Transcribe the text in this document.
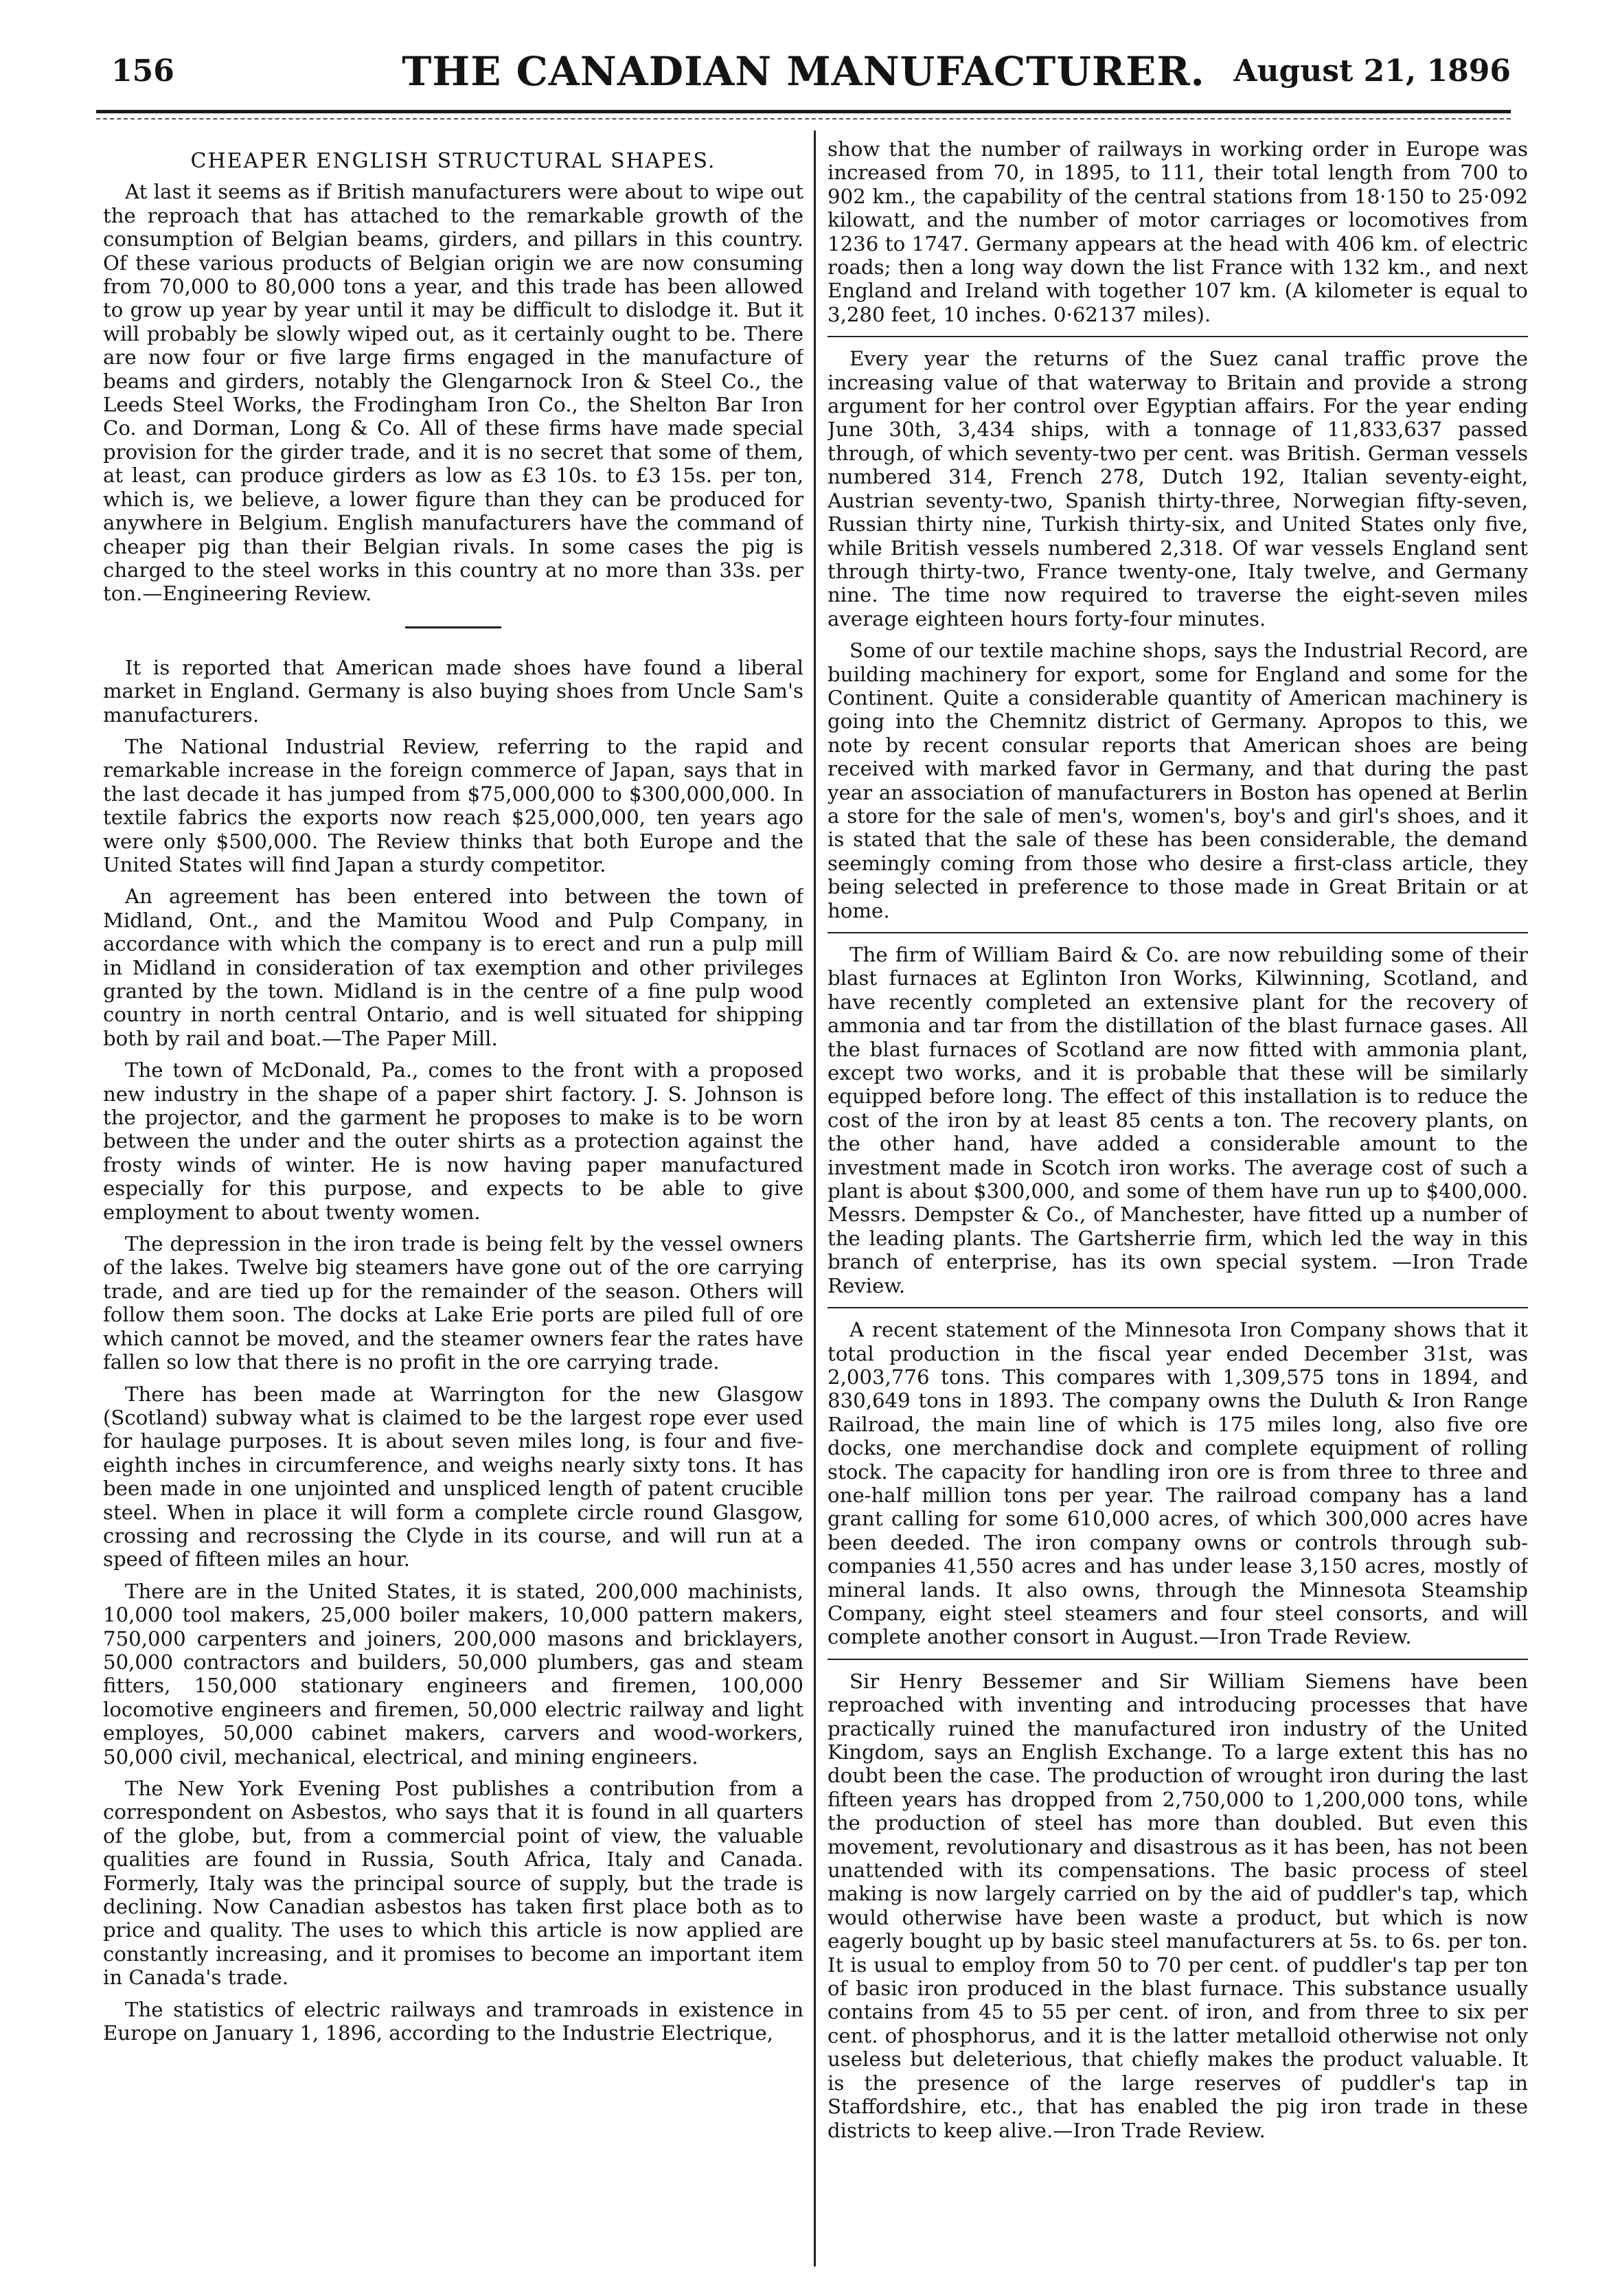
156	THE CANADIAN MANUFACTURER. August 21, 1896
CHEAPER ENGLISH STRUCTURAL SHAPES.

At last it seems as if British manufacturers were about to wipe out the reproach that has attached to the remarkable growth of the consumption of Belgian beams, girders, and pillars in this country. Of these various products of Belgian origin we are now consuming from 70,000 to 80,000 tons a year, and this trade has been allowed to grow up year by year until it may be difficult to dislodge it. But it will probably be slowly wiped out, as it certainly ought to be. There are now four or five large firms engaged in the manufacture of beams and girders, notably the Glengarnock Iron & Steel Co., the Leeds Steel Works, the Frodingham Iron Co., the Shelton Bar Iron Co. and Dorman, Long & Co. All of these firms have made special provision for the girder trade, and it is no secret that some of them, at least, can produce girders as low as £3 10s. to £3 15s. per ton, which is, we believe, a lower figure than they can be produced for anywhere in Belgium. English manufacturers have the command of cheaper pig than their Belgian rivals. In some cases the pig is charged to the steel works in this country at no more than 33s. per ton.—Engineering Review.

It is reported that American made shoes have found a liberal market in England. Germany is also buying shoes from Uncle Sam's manufacturers.

The National Industrial Review, referring to the rapid and remarkable increase in the foreign commerce of Japan, says that in the last decade it has jumped from $75,000,000 to $300,000,000. In textile fabrics the exports now reach $25,000,000, ten years ago were only $500,000. The Review thinks that both Europe and the United States will find Japan a sturdy competitor.

An agreement has been entered into between the town of Midland, Ont., and the Mamitou Wood and Pulp Company, in accordance with which the company is to erect and run a pulp mill in Midland in consideration of tax exemption and other privileges granted by the town. Midland is in the centre of a fine pulp wood country in north central Ontario, and is well situated for shipping both by rail and boat.—The Paper Mill.

The town of McDonald, Pa., comes to the front with a proposed new industry in the shape of a paper shirt factory. J. S. Johnson is the projector, and the garment he proposes to make is to be worn between the under and the outer shirts as a protection against the frosty winds of winter. He is now having paper manufactured especially for this purpose, and expects to be able to give employment to about twenty women.

The depression in the iron trade is being felt by the vessel owners of the lakes. Twelve big steamers have gone out of the ore carrying trade, and are tied up for the remainder of the season. Others will follow them soon. The docks at Lake Erie ports are piled full of ore which cannot be moved, and the steamer owners fear the rates have fallen so low that there is no profit in the ore carrying trade.

There has been made at Warrington for the new Glasgow (Scotland) subway what is claimed to be the largest rope ever used for haulage purposes. It is about seven miles long, is four and five-eighth inches in circumference, and weighs nearly sixty tons. It has been made in one unjointed and unspliced length of patent crucible steel. When in place it will form a complete circle round Glasgow, crossing and recrossing the Clyde in its course, and will run at a speed of fifteen miles an hour.

There are in the United States, it is stated, 200,000 machinists, 10,000 tool makers, 25,000 boiler makers, 10,000 pattern makers, 750,000 carpenters and joiners, 200,000 masons and bricklayers, 50,000 contractors and builders, 50,000 plumbers, gas and steam fitters, 150,000 stationary engineers and firemen, 100,000 locomotive engineers and firemen, 50,000 electric railway and light employes, 50,000 cabinet makers, carvers and wood-workers, 50,000 civil, mechanical, electrical, and mining engineers.

The New York Evening Post publishes a contribution from a correspondent on Asbestos, who says that it is found in all quarters of the globe, but, from a commercial point of view, the valuable qualities are found in Russia, South Africa, Italy and Canada. Formerly, Italy was the principal source of supply, but the trade is declining. Now Canadian asbestos has taken first place both as to price and quality. The uses to which this article is now applied are constantly increasing, and it promises to become an important item in Canada's trade.

The statistics of electric railways and tramroads in existence in Europe on January 1, 1896, according to the Industrie Electrique,

show that the number of railways in working order in Europe was increased from 70, in 1895, to 111, their total length from 700 to 902 km., the capability of the central stations from 18·150 to 25·092 kilowatt, and the number of motor carriages or locomotives from 1236 to 1747. Germany appears at the head with 406 km. of electric roads; then a long way down the list France with 132 km., and next England and Ireland with together 107 km. (A kilometer is equal to 3,280 feet, 10 inches. 0·62137 miles).

Every year the returns of the Suez canal traffic prove the increasing value of that waterway to Britain and provide a strong argument for her control over Egyptian affairs. For the year ending June 30th, 3,434 ships, with a tonnage of 11,833,637 passed through, of which seventy-two per cent. was British. German vessels numbered 314, French 278, Dutch 192, Italian seventy-eight, Austrian seventy-two, Spanish thirty-three, Norwegian fifty-seven, Russian thirty nine, Turkish thirty-six, and United States only five, while British vessels numbered 2,318. Of war vessels England sent through thirty-two, France twenty-one, Italy twelve, and Germany nine. The time now required to traverse the eight-seven miles average eighteen hours forty-four minutes.

Some of our textile machine shops, says the Industrial Record, are building machinery for export, some for England and some for the Continent. Quite a considerable quantity of American machinery is going into the Chemnitz district of Germany. Apropos to this, we note by recent consular reports that American shoes are being received with marked favor in Germany, and that during the past year an association of manufacturers in Boston has opened at Berlin a store for the sale of men's, women's, boy's and girl's shoes, and it is stated that the sale of these has been considerable, the demand seemingly coming from those who desire a first-class article, they being selected in preference to those made in Great Britain or at home.

The firm of William Baird & Co. are now rebuilding some of their blast furnaces at Eglinton Iron Works, Kilwinning, Scotland, and have recently completed an extensive plant for the recovery of ammonia and tar from the distillation of the blast furnace gases. All the blast furnaces of Scotland are now fitted with ammonia plant, except two works, and it is probable that these will be similarly equipped before long. The effect of this installation is to reduce the cost of the iron by at least 85 cents a ton. The recovery plants, on the other hand, have added a considerable amount to the investment made in Scotch iron works. The average cost of such a plant is about $300,000, and some of them have run up to $400,000. Messrs. Dempster & Co., of Manchester, have fitted up a number of the leading plants. The Gartsherrie firm, which led the way in this branch of enterprise, has its own special system. —Iron Trade Review.

A recent statement of the Minnesota Iron Company shows that it total production in the fiscal year ended December 31st, was 2,003,776 tons. This compares with 1,309,575 tons in 1894, and 830,649 tons in 1893. The company owns the Duluth & Iron Range Railroad, the main line of which is 175 miles long, also five ore docks, one merchandise dock and complete equipment of rolling stock. The capacity for handling iron ore is from three to three and one-half million tons per year. The railroad company has a land grant calling for some 610,000 acres, of which 300,000 acres have been deeded. The iron company owns or controls through sub-companies 41,550 acres and has under lease 3,150 acres, mostly of mineral lands. It also owns, through the Minnesota Steamship Company, eight steel steamers and four steel consorts, and will complete another consort in August.—Iron Trade Review.

Sir Henry Bessemer and Sir William Siemens have been reproached with inventing and introducing processes that have practically ruined the manufactured iron industry of the United Kingdom, says an English Exchange. To a large extent this has no doubt been the case. The production of wrought iron during the last fifteen years has dropped from 2,750,000 to 1,200,000 tons, while the production of steel has more than doubled. But even this movement, revolutionary and disastrous as it has been, has not been unattended with its compensations. The basic process of steel making is now largely carried on by the aid of puddler's tap, which would otherwise have been waste a product, but which is now eagerly bought up by basic steel manufacturers at 5s. to 6s. per ton. It is usual to employ from 50 to 70 per cent. of puddler's tap per ton of basic iron produced in the blast furnace. This substance usually contains from 45 to 55 per cent. of iron, and from three to six per cent. of phosphorus, and it is the latter metalloid otherwise not only useless but deleterious, that chiefly makes the product valuable. It is the presence of the large reserves of puddler's tap in Staffordshire, etc., that has enabled the pig iron trade in these districts to keep alive.—Iron Trade Review.
